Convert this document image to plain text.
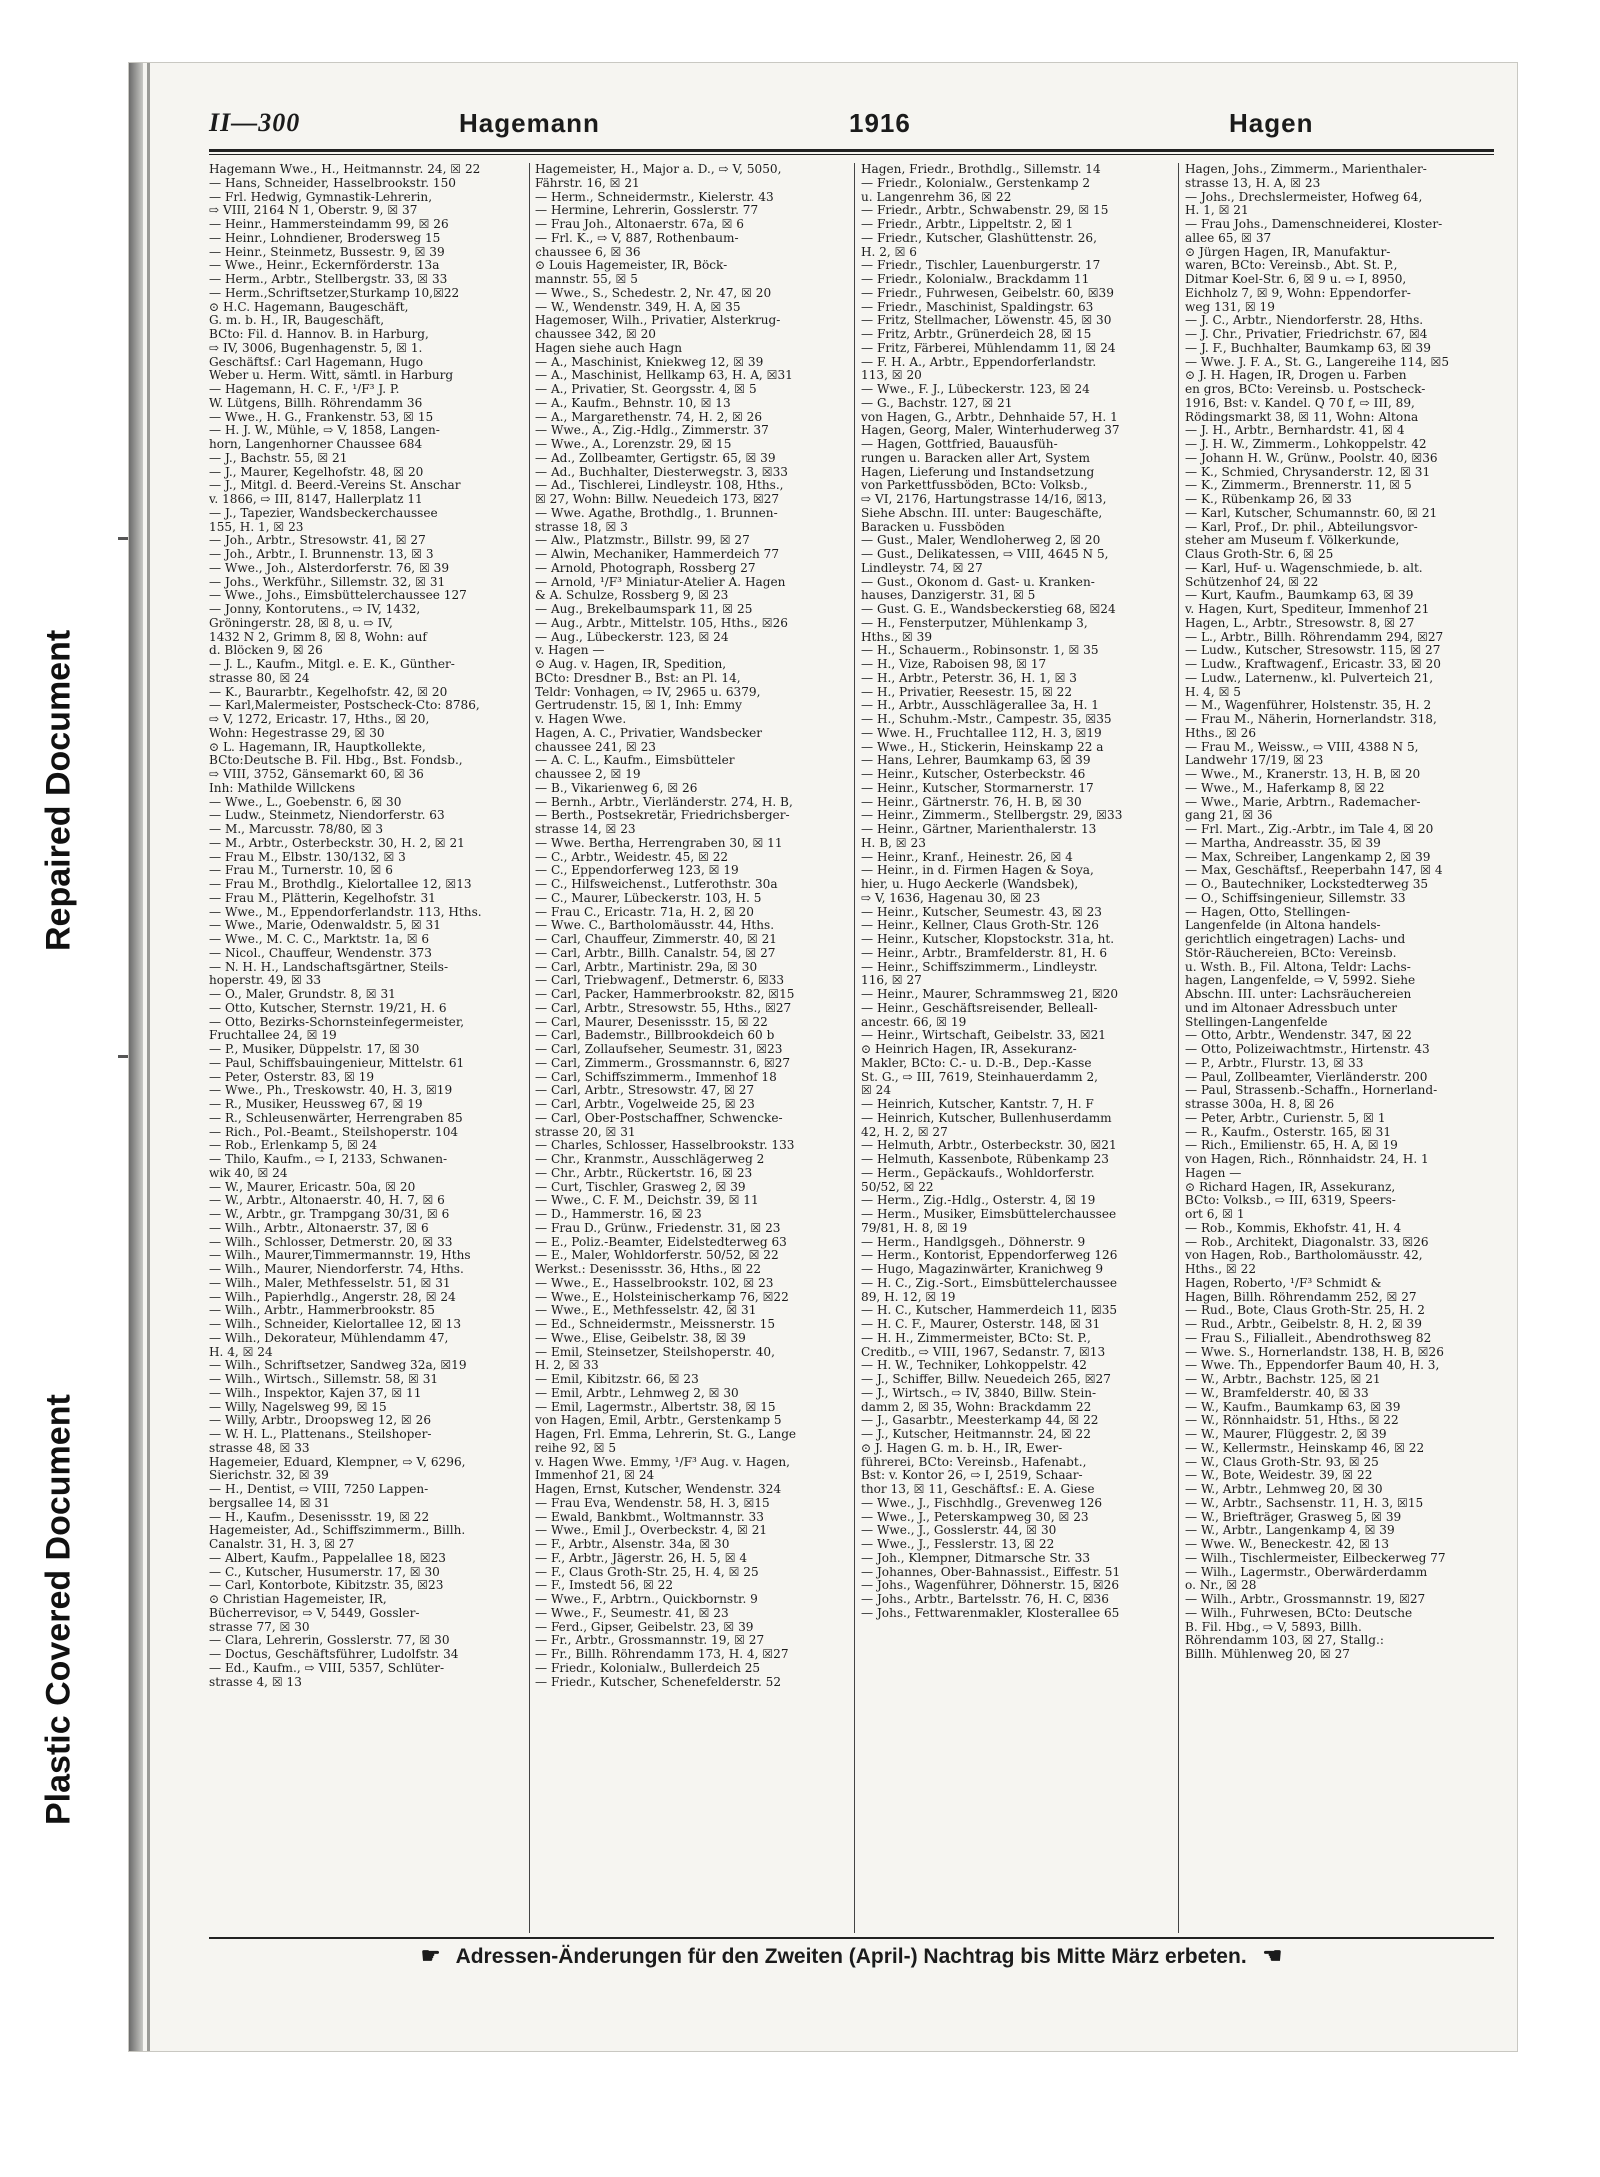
Repaired Document
Plastic Covered Document
II—300	Hagemann	1916	Hagen
Hagemann Wwe., H., Heitmannstr. 24, ☒ 22
— Hans, Schneider, Hasselbrookstr. 150
— Frl. Hedwig, Gymnastik-Lehrerin,
⇨ VIII, 2164 N 1, Oberstr. 9, ☒ 37
— Heinr., Hammersteindamm 99, ☒ 26
— Heinr., Lohndiener, Brodersweg 15
— Heinr., Steinmetz, Bussestr. 9, ☒ 39
— Wwe., Heinr., Eckernförderstr. 13a
— Herm., Arbtr., Stellbergstr. 33, ☒ 33
— Herm.,Schriftsetzer,Sturkamp 10,☒22
⊙ H.C. Hagemann, Baugeschäft,
G. m. b. H., IR, Baugeschäft,
BCto: Fil. d. Hannov. B. in Harburg,
⇨ IV, 3006, Bugenhagenstr. 5, ☒ 1.
Geschäftsf.: Carl Hagemann, Hugo
Weber u. Herm. Witt, sämtl. in Harburg
— Hagemann, H. C. F., ¹/F³ J. P.
W. Lütgens, Billh. Röhrendamm 36
— Wwe., H. G., Frankenstr. 53, ☒ 15
— H. J. W., Mühle, ⇨ V, 1858, Langen-
horn, Langenhorner Chaussee 684
— J., Bachstr. 55, ☒ 21
— J., Maurer, Kegelhofstr. 48, ☒ 20
— J., Mitgl. d. Beerd.-Vereins St. Anschar
v. 1866, ⇨ III, 8147, Hallerplatz 11
— J., Tapezier, Wandsbeckerchaussee
155, H. 1, ☒ 23
— Joh., Arbtr., Stresowstr. 41, ☒ 27
— Joh., Arbtr., I. Brunnenstr. 13, ☒ 3
— Wwe., Joh., Alsterdorferstr. 76, ☒ 39
— Johs., Werkführ., Sillemstr. 32, ☒ 31
— Wwe., Johs., Eimsbüttelerchaussee 127
— Jonny, Kontorutens., ⇨ IV, 1432,
Gröningerstr. 28, ☒ 8, u. ⇨ IV,
1432 N 2, Grimm 8, ☒ 8, Wohn: auf
d. Blöcken 9, ☒ 26
— J. L., Kaufm., Mitgl. e. E. K., Günther-
strasse 80, ☒ 24
— K., Baurarbtr., Kegelhofstr. 42, ☒ 20
— Karl,Malermeister, Postscheck-Cto: 8786,
⇨ V, 1272, Ericastr. 17, Hths., ☒ 20,
Wohn: Hegestrasse 29, ☒ 30
⊙ L. Hagemann, IR, Hauptkollekte,
BCto:Deutsche B. Fil. Hbg., Bst. Fondsb.,
⇨ VIII, 3752, Gänsemarkt 60, ☒ 36
Inh: Mathilde Willckens
— Wwe., L., Goebenstr. 6, ☒ 30
— Ludw., Steinmetz, Niendorferstr. 63
— M., Marcusstr. 78/80, ☒ 3
— M., Arbtr., Osterbeckstr. 30, H. 2, ☒ 21
— Frau M., Elbstr. 130/132, ☒ 3
— Frau M., Turnerstr. 10, ☒ 6
— Frau M., Brothdlg., Kielortallee 12, ☒13
— Frau M., Plätterin, Kegelhofstr. 31
— Wwe., M., Eppendorferlandstr. 113, Hths.
— Wwe., Marie, Odenwaldstr. 5, ☒ 31
— Wwe., M. C. C., Marktstr. 1a, ☒ 6
— Nicol., Chauffeur, Wendenstr. 373
— N. H. H., Landschaftsgärtner, Steils-
hoperstr. 49, ☒ 33
— O., Maler, Grundstr. 8, ☒ 31
— Otto, Kutscher, Sternstr. 19/21, H. 6
— Otto, Bezirks-Schornsteinfegermeister,
Fruchtallee 24, ☒ 19
— P., Musiker, Düppelstr. 17, ☒ 30
— Paul, Schiffsbauingenieur, Mittelstr. 61
— Peter, Osterstr. 83, ☒ 19
— Wwe., Ph., Treskowstr. 40, H. 3, ☒19
— R., Musiker, Heussweg 67, ☒ 19
— R., Schleusenwärter, Herrengraben 85
— Rich., Pol.-Beamt., Steilshoperstr. 104
— Rob., Erlenkamp 5, ☒ 24
— Thilo, Kaufm., ⇨ I, 2133, Schwanen-
wik 40, ☒ 24
— W., Maurer, Ericastr. 50a, ☒ 20
— W., Arbtr., Altonaerstr. 40, H. 7, ☒ 6
— W., Arbtr., gr. Trampgang 30/31, ☒ 6
— Wilh., Arbtr., Altonaerstr. 37, ☒ 6
— Wilh., Schlosser, Detmerstr. 20, ☒ 33
— Wilh., Maurer,Timmermannstr. 19, Hths
— Wilh., Maurer, Niendorferstr. 74, Hths.
— Wilh., Maler, Methfesselstr. 51, ☒ 31
— Wilh., Papierhdlg., Angerstr. 28, ☒ 24
— Wilh., Arbtr., Hammerbrookstr. 85
— Wilh., Schneider, Kielortallee 12, ☒ 13
— Wilh., Dekorateur, Mühlendamm 47,
H. 4, ☒ 24
— Wilh., Schriftsetzer, Sandweg 32a, ☒19
— Wilh., Wirtsch., Sillemstr. 58, ☒ 31
— Wilh., Inspektor, Kajen 37, ☒ 11
— Willy, Nagelsweg 99, ☒ 15
— Willy, Arbtr., Droopsweg 12, ☒ 26
— W. H. L., Plattenans., Steilshoper-
strasse 48, ☒ 33
Hagemeier, Eduard, Klempner, ⇨ V, 6296,
Sierichstr. 32, ☒ 39
— H., Dentist, ⇨ VIII, 7250 Lappen-
bergsallee 14, ☒ 31
— H., Kaufm., Desenissstr. 19, ☒ 22
Hagemeister, Ad., Schiffszimmerm., Billh.
Canalstr. 31, H. 3, ☒ 27
— Albert, Kaufm., Pappelallee 18, ☒23
— C., Kutscher, Husumerstr. 17, ☒ 30
— Carl, Kontorbote, Kibitzstr. 35, ☒23
⊙ Christian Hagemeister, IR,
Bücherrevisor, ⇨ V, 5449, Gossler-
strasse 77, ☒ 30
— Clara, Lehrerin, Gosslerstr. 77, ☒ 30
— Doctus, Geschäftsführer, Ludolfstr. 34
— Ed., Kaufm., ⇨ VIII, 5357, Schlüter-
strasse 4, ☒ 13
Hagemeister, H., Major a. D., ⇨ V, 5050,
Fährstr. 16, ☒ 21
— Herm., Schneidermstr., Kielerstr. 43
— Hermine, Lehrerin, Gosslerstr. 77
— Frau Joh., Altonaerstr. 67a, ☒ 6
— Frl. K., ⇨ V, 887, Rothenbaum-
chaussee 6, ☒ 36
⊙ Louis Hagemeister, IR, Böck-
mannstr. 55, ☒ 5
— Wwe., S., Schedestr. 2, Nr. 47, ☒ 20
— W., Wendenstr. 349, H. A, ☒ 35
Hagemoser, Wilh., Privatier, Alsterkrug-
chaussee 342, ☒ 20
Hagen siehe auch Hagn
— A., Maschinist, Kniekweg 12, ☒ 39
— A., Maschinist, Hellkamp 63, H. A, ☒31
— A., Privatier, St. Georgsstr. 4, ☒ 5
— A., Kaufm., Behnstr. 10, ☒ 13
— A., Margarethenstr. 74, H. 2, ☒ 26
— Wwe., A., Zig.-Hdlg., Zimmerstr. 37
— Wwe., A., Lorenzstr. 29, ☒ 15
— Ad., Zollbeamter, Gertigstr. 65, ☒ 39
— Ad., Buchhalter, Diesterwegstr. 3, ☒33
— Ad., Tischlerei, Lindleystr. 108, Hths.,
☒ 27, Wohn: Billw. Neuedeich 173, ☒27
— Wwe. Agathe, Brothdlg., 1. Brunnen-
strasse 18, ☒ 3
— Alw., Platzmstr., Billstr. 99, ☒ 27
— Alwin, Mechaniker, Hammerdeich 77
— Arnold, Photograph, Rossberg 27
— Arnold, ¹/F³ Miniatur-Atelier A. Hagen
& A. Schulze, Rossberg 9, ☒ 23
— Aug., Brekelbaumspark 11, ☒ 25
— Aug., Arbtr., Mittelstr. 105, Hths., ☒26
— Aug., Lübeckerstr. 123, ☒ 24
v. Hagen —
⊙ Aug. v. Hagen, IR, Spedition,
BCto: Dresdner B., Bst: an Pl. 14,
Teldr: Vonhagen, ⇨ IV, 2965 u. 6379,
Gertrudenstr. 15, ☒ 1, Inh: Emmy
v. Hagen Wwe.
Hagen, A. C., Privatier, Wandsbecker
chaussee 241, ☒ 23
— A. C. L., Kaufm., Eimsbütteler
chaussee 2, ☒ 19
— B., Vikarienweg 6, ☒ 26
— Bernh., Arbtr., Vierländerstr. 274, H. B,
— Berth., Postsekretär, Friedrichsberger-
strasse 14, ☒ 23
— Wwe. Bertha, Herrengraben 30, ☒ 11
— C., Arbtr., Weidestr. 45, ☒ 22
— C., Eppendorferweg 123, ☒ 19
— C., Hilfsweichenst., Lutferothstr. 30a
— C., Maurer, Lübeckerstr. 103, H. 5
— Frau C., Ericastr. 71a, H. 2, ☒ 20
— Wwe. C., Bartholomäusstr. 44, Hths.
— Carl, Chauffeur, Zimmerstr. 40, ☒ 21
— Carl, Arbtr., Billh. Canalstr. 54, ☒ 27
— Carl, Arbtr., Martinistr. 29a, ☒ 30
— Carl, Triebwagenf., Detmerstr. 6, ☒33
— Carl, Packer, Hammerbrookstr. 82, ☒15
— Carl, Arbtr., Stresowstr. 55, Hths., ☒27
— Carl, Maurer, Desenissstr. 15, ☒ 22
— Carl, Bademstr., Billbrookdeich 60 b
— Carl, Zollaufseher, Seumestr. 31, ☒23
— Carl, Zimmerm., Grossmannstr. 6, ☒27
— Carl, Schiffszimmerm., Immenhof 18
— Carl, Arbtr., Stresowstr. 47, ☒ 27
— Carl, Arbtr., Vogelweide 25, ☒ 23
— Carl, Ober-Postschaffner, Schwencke-
strasse 20, ☒ 31
— Charles, Schlosser, Hasselbrookstr. 133
— Chr., Kranmstr., Ausschlägerweg 2
— Chr., Arbtr., Rückertstr. 16, ☒ 23
— Curt, Tischler, Grasweg 2, ☒ 39
— Wwe., C. F. M., Deichstr. 39, ☒ 11
— D., Hammerstr. 16, ☒ 23
— Frau D., Grünw., Friedenstr. 31, ☒ 23
— E., Poliz.-Beamter, Eidelstedterweg 63
— E., Maler, Wohldorferstr. 50/52, ☒ 22
Werkst.: Desenissstr. 36, Hths., ☒ 22
— Wwe., E., Hasselbrookstr. 102, ☒ 23
— Wwe., E., Holsteinischerkamp 76, ☒22
— Wwe., E., Methfesselstr. 42, ☒ 31
— Ed., Schneidermstr., Meissnerstr. 15
— Wwe., Elise, Geibelstr. 38, ☒ 39
— Emil, Steinsetzer, Steilshoperstr. 40,
H. 2, ☒ 33
— Emil, Kibitzstr. 66, ☒ 23
— Emil, Arbtr., Lehmweg 2, ☒ 30
— Emil, Lagermstr., Albertstr. 38, ☒ 15
von Hagen, Emil, Arbtr., Gerstenkamp 5
Hagen, Frl. Emma, Lehrerin, St. G., Lange
reihe 92, ☒ 5
v. Hagen Wwe. Emmy, ¹/F³ Aug. v. Hagen,
Immenhof 21, ☒ 24
Hagen, Ernst, Kutscher, Wendenstr. 324
— Frau Eva, Wendenstr. 58, H. 3, ☒15
— Ewald, Bankbmt., Woltmannstr. 33
— Wwe., Emil J., Overbeckstr. 4, ☒ 21
— F., Arbtr., Alsenstr. 34a, ☒ 30
— F., Arbtr., Jägerstr. 26, H. 5, ☒ 4
— F., Claus Groth-Str. 25, H. 4, ☒ 25
— F., Imstedt 56, ☒ 22
— Wwe., F., Arbtrn., Quickbornstr. 9
— Wwe., F., Seumestr. 41, ☒ 23
— Ferd., Gipser, Geibelstr. 23, ☒ 39
— Fr., Arbtr., Grossmannstr. 19, ☒ 27
— Fr., Billh. Röhrendamm 173, H. 4, ☒27
— Friedr., Kolonialw., Bullerdeich 25
— Friedr., Kutscher, Schenefelderstr. 52
Hagen, Friedr., Brothdlg., Sillemstr. 14
— Friedr., Kolonialw., Gerstenkamp 2
u. Langenrehm 36, ☒ 22
— Friedr., Arbtr., Schwabenstr. 29, ☒ 15
— Friedr., Arbtr., Lippeltstr. 2, ☒ 1
— Friedr., Kutscher, Glashüttenstr. 26,
H. 2, ☒ 6
— Friedr., Tischler, Lauenburgerstr. 17
— Friedr., Kolonialw., Brackdamm 11
— Friedr., Fuhrwesen, Geibelstr. 60, ☒39
— Friedr., Maschinist, Spaldingstr. 63
— Fritz, Stellmacher, Löwenstr. 45, ☒ 30
— Fritz, Arbtr., Grünerdeich 28, ☒ 15
— Fritz, Färberei, Mühlendamm 11, ☒ 24
— F. H. A., Arbtr., Eppendorferlandstr.
113, ☒ 20
— Wwe., F. J., Lübeckerstr. 123, ☒ 24
— G., Bachstr. 127, ☒ 21
von Hagen, G., Arbtr., Dehnhaide 57, H. 1
Hagen, Georg, Maler, Winterhuderweg 37
— Hagen, Gottfried, Bauausfüh-
rungen u. Baracken aller Art, System
Hagen, Lieferung und Instandsetzung
von Parkettfussböden, BCto: Volksb.,
⇨ VI, 2176, Hartungstrasse 14/16, ☒13,
Siehe Abschn. III. unter: Baugeschäfte,
Baracken u. Fussböden
— Gust., Maler, Wendloherweg 2, ☒ 20
— Gust., Delikatessen, ⇨ VIII, 4645 N 5,
Lindleystr. 74, ☒ 27
— Gust., Ökonom d. Gast- u. Kranken-
hauses, Danzigerstr. 31, ☒ 5
— Gust. G. E., Wandsbeckerstieg 68, ☒24
— H., Fensterputzer, Mühlenkamp 3,
Hths., ☒ 39
— H., Schauerm., Robinsonstr. 1, ☒ 35
— H., Vize, Raboisen 98, ☒ 17
— H., Arbtr., Peterstr. 36, H. 1, ☒ 3
— H., Privatier, Reesestr. 15, ☒ 22
— H., Arbtr., Ausschlägerallee 3a, H. 1
— H., Schuhm.-Mstr., Campestr. 35, ☒35
— Wwe. H., Fruchtallee 112, H. 3, ☒19
— Wwe., H., Stickerin, Heinskamp 22 a
— Hans, Lehrer, Baumkamp 63, ☒ 39
— Heinr., Kutscher, Osterbeckstr. 46
— Heinr., Kutscher, Stormarnerstr. 17
— Heinr., Gärtnerstr. 76, H. B, ☒ 30
— Heinr., Zimmerm., Stellbergstr. 29, ☒33
— Heinr., Gärtner, Marienthalerstr. 13
H. B, ☒ 23
— Heinr., Kranf., Heinestr. 26, ☒ 4
— Heinr., in d. Firmen Hagen & Soya,
hier, u. Hugo Aeckerle (Wandsbek),
⇨ V, 1636, Hagenau 30, ☒ 23
— Heinr., Kutscher, Seumestr. 43, ☒ 23
— Heinr., Kellner, Claus Groth-Str. 126
— Heinr., Kutscher, Klopstockstr. 31a, ht.
— Heinr., Arbtr., Bramfelderstr. 81, H. 6
— Heinr., Schiffszimmerm., Lindleystr.
116, ☒ 27
— Heinr., Maurer, Schrammsweg 21, ☒20
— Heinr., Geschäftsreisender, Belleall-
ancestr. 66, ☒ 19
— Heinr., Wirtschaft, Geibelstr. 33, ☒21
⊙ Heinrich Hagen, IR, Assekuranz-
Makler, BCto: C.- u. D.-B., Dep.-Kasse
St. G., ⇨ III, 7619, Steinhauerdamm 2,
☒ 24
— Heinrich, Kutscher, Kantstr. 7, H. F
— Heinrich, Kutscher, Bullenhuserdamm
42, H. 2, ☒ 27
— Helmuth, Arbtr., Osterbeckstr. 30, ☒21
— Helmuth, Kassenbote, Rübenkamp 23
— Herm., Gepäckaufs., Wohldorferstr.
50/52, ☒ 22
— Herm., Zig.-Hdlg., Osterstr. 4, ☒ 19
— Herm., Musiker, Eimsbüttelerchaussee
79/81, H. 8, ☒ 19
— Herm., Handlgsgeh., Döhnerstr. 9
— Herm., Kontorist, Eppendorferweg 126
— Hugo, Magazinwärter, Kranichweg 9
— H. C., Zig.-Sort., Eimsbüttelerchaussee
89, H. 12, ☒ 19
— H. C., Kutscher, Hammerdeich 11, ☒35
— H. C. F., Maurer, Osterstr. 148, ☒ 31
— H. H., Zimmermeister, BCto: St. P.,
Creditb., ⇨ VIII, 1967, Sedanstr. 7, ☒13
— H. W., Techniker, Lohkoppelstr. 42
— J., Schiffer, Billw. Neuedeich 265, ☒27
— J., Wirtsch., ⇨ IV, 3840, Billw. Stein-
damm 2, ☒ 35, Wohn: Brackdamm 22
— J., Gasarbtr., Meesterkamp 44, ☒ 22
— J., Kutscher, Heitmannstr. 24, ☒ 22
⊙ J. Hagen G. m. b. H., IR, Ewer-
führerei, BCto: Vereinsb., Hafenabt.,
Bst: v. Kontor 26, ⇨ I, 2519, Schaar-
thor 13, ☒ 11, Geschäftsf.: E. A. Giese
— Wwe., J., Fischhdlg., Grevenweg 126
— Wwe., J., Peterskampweg 30, ☒ 23
— Wwe., J., Gosslerstr. 44, ☒ 30
— Wwe., J., Fesslerstr. 13, ☒ 22
— Joh., Klempner, Ditmarsche Str. 33
— Johannes, Ober-Bahnassist., Eiffestr. 51
— Johs., Wagenführer, Döhnerstr. 15, ☒26
— Johs., Arbtr., Bartelsstr. 76, H. C, ☒36
— Johs., Fettwarenmakler, Klosterallee 65
Hagen, Johs., Zimmerm., Marienthaler-
strasse 13, H. A, ☒ 23
— Johs., Drechslermeister, Hofweg 64,
H. 1, ☒ 21
— Frau Johs., Damenschneiderei, Kloster-
allee 65, ☒ 37
⊙ Jürgen Hagen, IR, Manufaktur-
waren, BCto: Vereinsb., Abt. St. P.,
Ditmar Koel-Str. 6, ☒ 9 u. ⇨ I, 8950,
Eichholz 7, ☒ 9, Wohn: Eppendorfer-
weg 131, ☒ 19
— J. C., Arbtr., Niendorferstr. 28, Hths.
— J. Chr., Privatier, Friedrichstr. 67, ☒4
— J. F., Buchhalter, Baumkamp 63, ☒ 39
— Wwe. J. F. A., St. G., Langereihe 114, ☒5
⊙ J. H. Hagen, IR, Drogen u. Farben
en gros, BCto: Vereinsb. u. Postscheck-
1916, Bst: v. Kandel. Q 70 f, ⇨ III, 89,
Rödingsmarkt 38, ☒ 11, Wohn: Altona
— J. H., Arbtr., Bernhardstr. 41, ☒ 4
— J. H. W., Zimmerm., Lohkoppelstr. 42
— Johann H. W., Grünw., Poolstr. 40, ☒36
— K., Schmied, Chrysanderstr. 12, ☒ 31
— K., Zimmerm., Brennerstr. 11, ☒ 5
— K., Rübenkamp 26, ☒ 33
— Karl, Kutscher, Schumannstr. 60, ☒ 21
— Karl, Prof., Dr. phil., Abteilungsvor-
steher am Museum f. Völkerkunde,
Claus Groth-Str. 6, ☒ 25
— Karl, Huf- u. Wagenschmiede, b. alt.
Schützenhof 24, ☒ 22
— Kurt, Kaufm., Baumkamp 63, ☒ 39
v. Hagen, Kurt, Spediteur, Immenhof 21
Hagen, L., Arbtr., Stresowstr. 8, ☒ 27
— L., Arbtr., Billh. Röhrendamm 294, ☒27
— Ludw., Kutscher, Stresowstr. 115, ☒ 27
— Ludw., Kraftwagenf., Ericastr. 33, ☒ 20
— Ludw., Laternenw., kl. Pulverteich 21,
H. 4, ☒ 5
— M., Wagenführer, Holstenstr. 35, H. 2
— Frau M., Näherin, Hornerlandstr. 318,
Hths., ☒ 26
— Frau M., Weissw., ⇨ VIII, 4388 N 5,
Landwehr 17/19, ☒ 23
— Wwe., M., Kranerstr. 13, H. B, ☒ 20
— Wwe., M., Haferkamp 8, ☒ 22
— Wwe., Marie, Arbtrn., Rademacher-
gang 21, ☒ 36
— Frl. Mart., Zig.-Arbtr., im Tale 4, ☒ 20
— Martha, Andreasstr. 35, ☒ 39
— Max, Schreiber, Langenkamp 2, ☒ 39
— Max, Geschäftsf., Reeperbahn 147, ☒ 4
— O., Bautechniker, Lockstedterweg 35
— O., Schiffsingenieur, Sillemstr. 33
— Hagen, Otto, Stellingen-
Langenfelde (in Altona handels-
gerichtlich eingetragen) Lachs- und
Stör-Räuchereien, BCto: Vereinsb.
u. Wsth. B., Fil. Altona, Teldr: Lachs-
hagen, Langenfelde, ⇨ V, 5992. Siehe
Abschn. III. unter: Lachsräuchereien
und im Altonaer Adressbuch unter
Stellingen-Langenfelde
— Otto, Arbtr., Wendenstr. 347, ☒ 22
— Otto, Polizeiwachtmstr., Hirtenstr. 43
— P., Arbtr., Flurstr. 13, ☒ 33
— Paul, Zollbeamter, Vierländerstr. 200
— Paul, Strassenb.-Schaffn., Hornerland-
strasse 300a, H. 8, ☒ 26
— Peter, Arbtr., Curienstr. 5, ☒ 1
— R., Kaufm., Osterstr. 165, ☒ 31
— Rich., Emilienstr. 65, H. A, ☒ 19
von Hagen, Rich., Rönnhaidstr. 24, H. 1
Hagen —
⊙ Richard Hagen, IR, Assekuranz,
BCto: Volksb., ⇨ III, 6319, Speers-
ort 6, ☒ 1
— Rob., Kommis, Ekhofstr. 41, H. 4
— Rob., Architekt, Diagonalstr. 33, ☒26
von Hagen, Rob., Bartholomäusstr. 42,
Hths., ☒ 22
Hagen, Roberto, ¹/F³ Schmidt &
Hagen, Billh. Röhrendamm 252, ☒ 27
— Rud., Bote, Claus Groth-Str. 25, H. 2
— Rud., Arbtr., Geibelstr. 8, H. 2, ☒ 39
— Frau S., Filialleit., Abendrothsweg 82
— Wwe. S., Hornerlandstr. 138, H. B, ☒26
— Wwe. Th., Eppendorfer Baum 40, H. 3,
— W., Arbtr., Bachstr. 125, ☒ 21
— W., Bramfelderstr. 40, ☒ 33
— W., Kaufm., Baumkamp 63, ☒ 39
— W., Rönnhaidstr. 51, Hths., ☒ 22
— W., Maurer, Flüggestr. 2, ☒ 39
— W., Kellermstr., Heinskamp 46, ☒ 22
— W., Claus Groth-Str. 93, ☒ 25
— W., Bote, Weidestr. 39, ☒ 22
— W., Arbtr., Lehmweg 20, ☒ 30
— W., Arbtr., Sachsenstr. 11, H. 3, ☒15
— W., Briefträger, Grasweg 5, ☒ 39
— W., Arbtr., Langenkamp 4, ☒ 39
— Wwe. W., Beneckestr. 42, ☒ 13
— Wilh., Tischlermeister, Eilbeckerweg 77
— Wilh., Lagermstr., Oberwärderdamm
o. Nr., ☒ 28
— Wilh., Arbtr., Grossmannstr. 19, ☒27
— Wilh., Fuhrwesen, BCto: Deutsche
B. Fil. Hbg., ⇨ V, 5893, Billh.
Röhrendamm 103, ☒ 27, Stallg.:
Billh. Mühlenweg 20, ☒ 27
☛ Adressen-Änderungen für den Zweiten (April-) Nachtrag bis Mitte März erbeten. ☚
